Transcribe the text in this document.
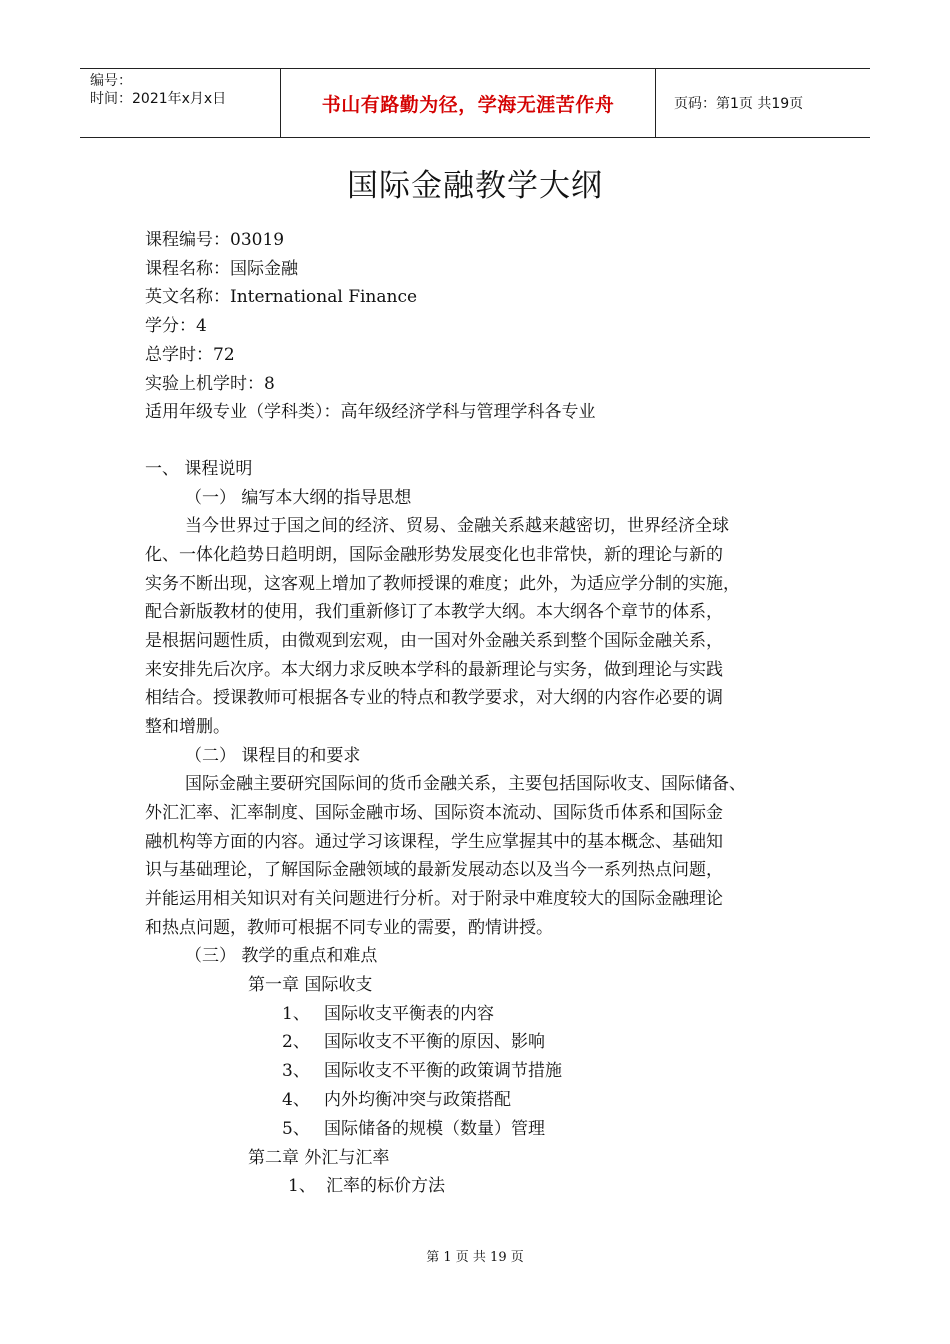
编号：
时间：2021年x月x日	书山有路勤为径，学海无涯苦作舟	页码：第1页 共19页
国际金融教学大纲
课程编号：03019
课程名称：国际金融
英文名称：International Finance
学分：4
总学时：72
实验上机学时：8
适用年级专业（学科类）：高年级经济学科与管理学科各专业
一、 课程说明
（一） 编写本大纲的指导思想
当今世界过于国之间的经济、贸易、金融关系越来越密切，世界经济全球
化、一体化趋势日趋明朗，国际金融形势发展变化也非常快，新的理论与新的
实务不断出现，这客观上增加了教师授课的难度；此外，为适应学分制的实施，
配合新版教材的使用，我们重新修订了本教学大纲。本大纲各个章节的体系，
是根据问题性质，由微观到宏观，由一国对外金融关系到整个国际金融关系，
来安排先后次序。本大纲力求反映本学科的最新理论与实务，做到理论与实践
相结合。授课教师可根据各专业的特点和教学要求，对大纲的内容作必要的调
整和增删。
（二） 课程目的和要求
国际金融主要研究国际间的货币金融关系，主要包括国际收支、国际储备、
外汇汇率、汇率制度、国际金融市场、国际资本流动、国际货币体系和国际金
融机构等方面的内容。通过学习该课程，学生应掌握其中的基本概念、基础知
识与基础理论，了解国际金融领域的最新发展动态以及当今一系列热点问题，
并能运用相关知识对有关问题进行分析。对于附录中难度较大的国际金融理论
和热点问题，教师可根据不同专业的需要，酌情讲授。
（三） 教学的重点和难点
第一章 国际收支
1、 国际收支平衡表的内容
2、 国际收支不平衡的原因、影响
3、 国际收支不平衡的政策调节措施
4、 内外均衡冲突与政策搭配
5、 国际储备的规模（数量）管理
第二章 外汇与汇率
1、 汇率的标价方法
第 1 页 共 19 页
